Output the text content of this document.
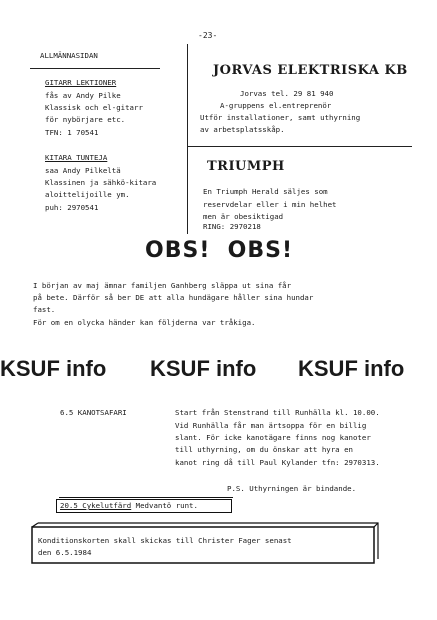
-23-
ALLMÄNNASIDAN
GITARR LEKTIONER
fås av Andy Pilke
Klassisk och el-gitarr
för nybörjare etc.
TFN: 1 70541
KITARA TUNTEJA
saa Andy Pilkeltä
Klassinen ja sähkö-kitara
aloittelijoille ym.
puh: 2970541
JORVAS ELEKTRISKA KB
Jorvas tel. 29 81 940
A-gruppens el.entreprenör
Utför installationer, samt uthyrning
av arbetsplatsskåp.
TRIUMPH
En Triumph Herald säljes som
reservdelar eller i min helhet
men är obesiktigad
RING: 2970218
OBS!  OBS!
I början av maj ämnar familjen Ganhberg släppa ut sina får
på bete. Därför så ber DE att alla hundägare håller sina hundar
fast.
För om en olycka händer kan följderna var tråkiga.
KSUF info KSUF info KSUF info
6.5 KANOTSAFARI	Start från Stenstrand till Runhälla kl. 10.00.
Vid Runhälla får man ärtsoppa för en billig
slant. För icke kanotägare finns nog kanoter
till uthyrning, om du önskar att hyra en
kanot ring då till Paul Kylander tfn: 2970313.
P.S. Uthyrningen är bindande.
20.5 Cykelutfärd Medvantö runt.
Konditionskorten skall skickas till Christer Fager senast
den 6.5.1984
